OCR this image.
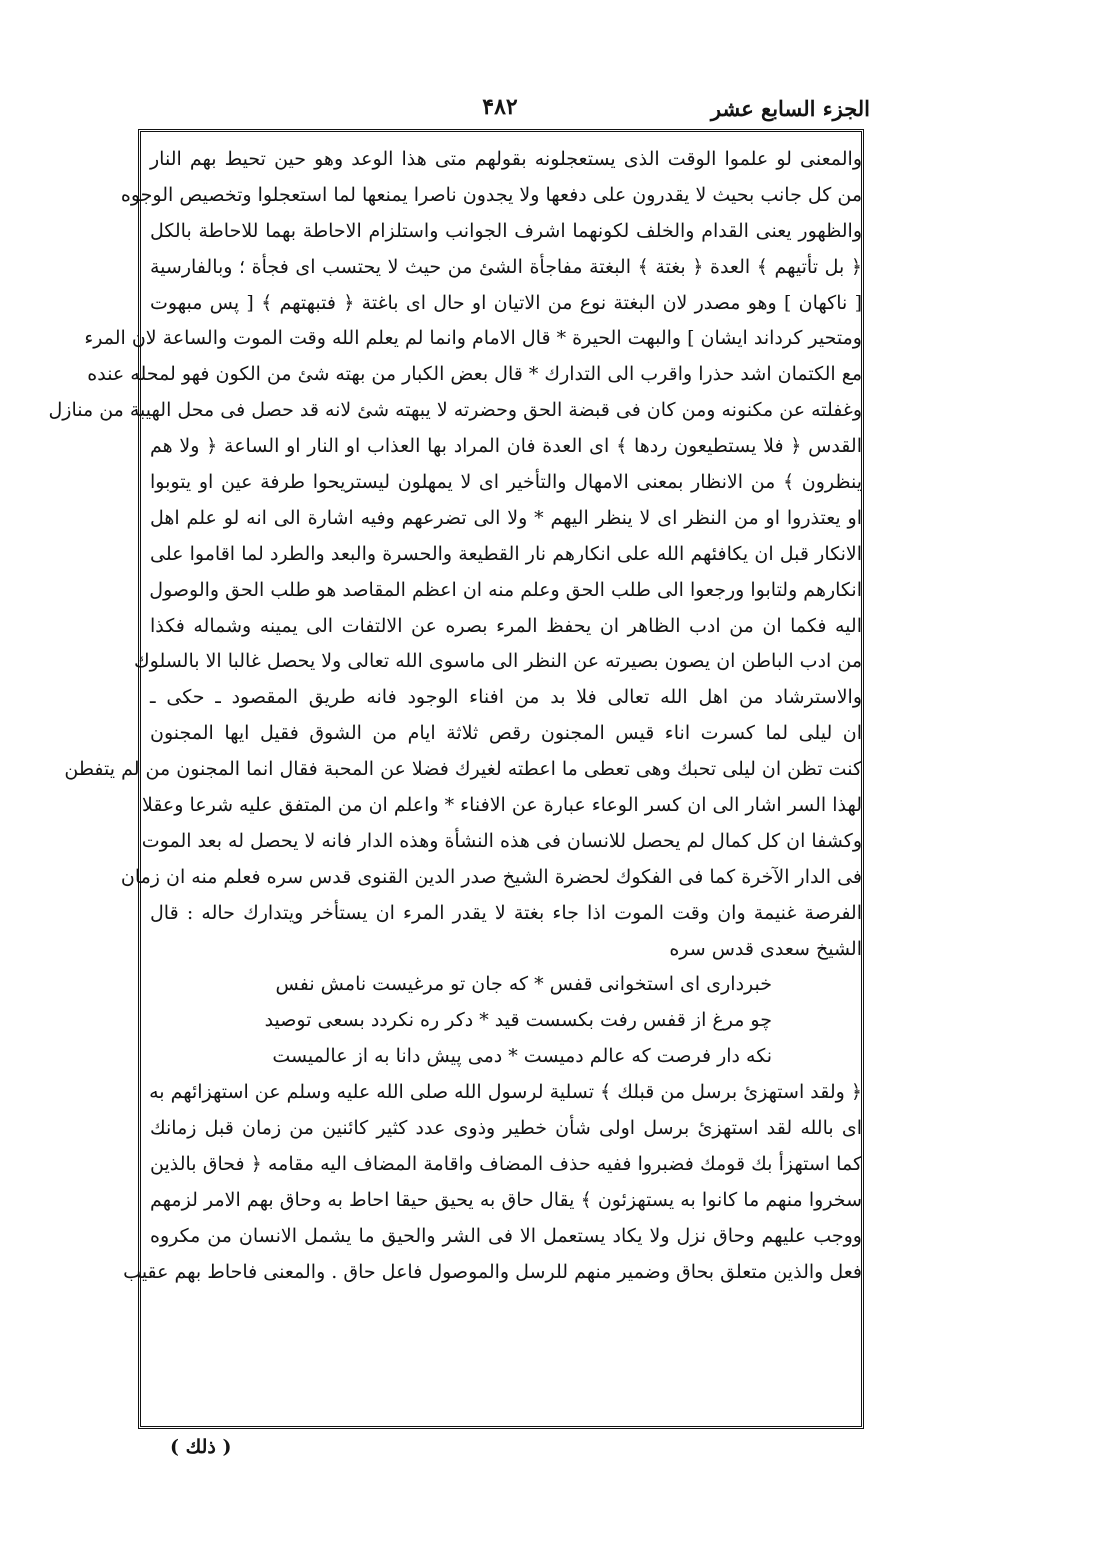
الجزء السابع عشر
۴۸۲
والمعنى لو علموا الوقت الذى يستعجلونه بقولهم متى هذا الوعد وهو حين تحيط بهم النار
من كل جانب بحيث لا يقدرون على دفعها ولا يجدون ناصرا يمنعها لما استعجلوا وتخصيص الوجوه
والظهور يعنى القدام والخلف لكونهما اشرف الجوانب واستلزام الاحاطة بهما للاحاطة بالكل
﴿ بل تأتيهم ﴾ العدة ﴿ بغتة ﴾ البغتة مفاجأة الشئ من حيث لا يحتسب اى فجأة ؛ وبالفارسية
[ ناكهان ] وهو مصدر لان البغتة نوع من الاتيان او حال اى باغتة ﴿ فتبهتهم ﴾ [ پس مبهوت
ومتحير كرداند ايشان ] والبهت الحيرة * قال الامام وانما لم يعلم الله وقت الموت والساعة لان المرء
مع الكتمان اشد حذرا واقرب الى التدارك * قال بعض الكبار من بهته شئ من الكون فهو لمحله عنده
وغفلته عن مكنونه ومن كان فى قبضة الحق وحضرته لا يبهته شئ لانه قد حصل فى محل الهيبة من منازل
القدس ﴿ فلا يستطيعون ردها ﴾ اى العدة فان المراد بها العذاب او النار او الساعة ﴿ ولا هم
ينظرون ﴾ من الانظار بمعنى الامهال والتأخير اى لا يمهلون ليستريحوا طرفة عين او يتوبوا
او يعتذروا او من النظر اى لا ينظر اليهم * ولا الى تضرعهم وفيه اشارة الى انه لو علم اهل
الانكار قبل ان يكافئهم الله على انكارهم نار القطيعة والحسرة والبعد والطرد لما اقاموا على
انكارهم ولتابوا ورجعوا الى طلب الحق وعلم منه ان اعظم المقاصد هو طلب الحق والوصول
اليه فكما ان من ادب الظاهر ان يحفظ المرء بصره عن الالتفات الى يمينه وشماله فكذا
من ادب الباطن ان يصون بصيرته عن النظر الى ماسوى الله تعالى ولا يحصل غالبا الا بالسلوك
والاسترشاد من اهل الله تعالى فلا بد من افناء الوجود فانه طريق المقصود ـ حكى ـ
ان ليلى لما كسرت اناء قيس المجنون رقص ثلاثة ايام من الشوق فقيل ايها المجنون
كنت تظن ان ليلى تحبك وهى تعطى ما اعطته لغيرك فضلا عن المحبة فقال انما المجنون من لم يتفطن
لهذا السر اشار الى ان كسر الوعاء عبارة عن الافناء * واعلم ان من المتفق عليه شرعا وعقلا
وكشفا ان كل كمال لم يحصل للانسان فى هذه النشأة وهذه الدار فانه لا يحصل له بعد الموت
فى الدار الآخرة كما فى الفكوك لحضرة الشيخ صدر الدين القنوى قدس سره فعلم منه ان زمان
الفرصة غنيمة وان وقت الموت اذا جاء بغتة لا يقدر المرء ان يستأخر ويتدارك حاله : قال
الشيخ سعدى قدس سره
خبردارى اى استخوانى قفس * كه جان تو مرغيست نامش نفس
چو مرغ از قفس رفت بكسست قيد * دكر ره نكردد بسعى توصيد
نكه دار فرصت كه عالم دميست * دمى پيش دانا به از عالميست
﴿ ولقد استهزئ برسل من قبلك ﴾ تسلية لرسول الله صلى الله عليه وسلم عن استهزائهم به
اى بالله لقد استهزئ برسل اولى شأن خطير وذوى عدد كثير كائنين من زمان قبل زمانك
كما استهزأ بك قومك فضبروا ففيه حذف المضاف واقامة المضاف اليه مقامه ﴿ فحاق بالذين
سخروا منهم ما كانوا به يستهزئون ﴾ يقال حاق به يحيق حيقا احاط به وحاق بهم الامر لزمهم
ووجب عليهم وحاق نزل ولا يكاد يستعمل الا فى الشر والحيق ما يشمل الانسان من مكروه
فعل والذين متعلق بحاق وضمير منهم للرسل والموصول فاعل حاق . والمعنى فاحاط بهم عقيب
( ذلك )
